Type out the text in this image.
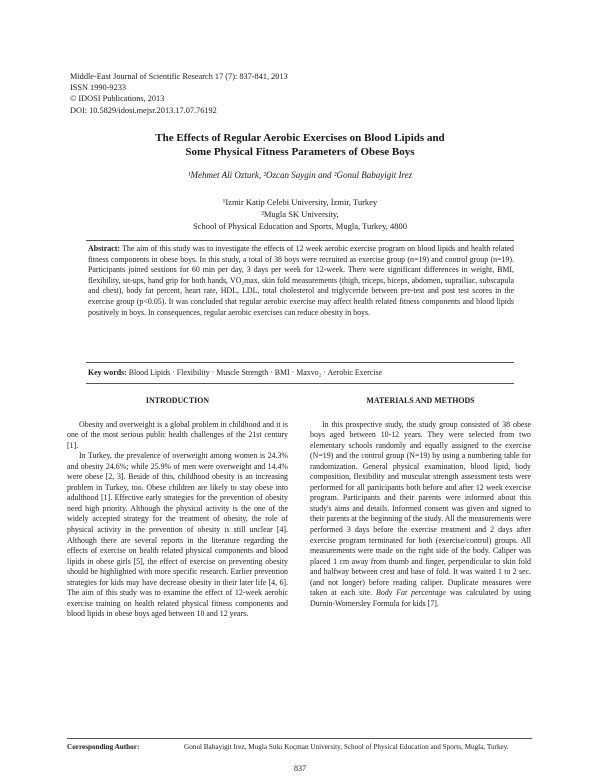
Middle-East Journal of Scientific Research 17 (7): 837-841, 2013
ISSN 1990-9233
© IDOSI Publications, 2013
DOI: 10.5829/idosi.mejsr.2013.17.07.76192
The Effects of Regular Aerobic Exercises on Blood Lipids and
Some Physical Fitness Parameters of Obese Boys
¹Mehmet Ali Ozturk, ²Ozcan Saygin and ²Gonul Babayigit Irez
¹Izmir Katip Celebi University, İzmir, Turkey
²Mugla SK University,
School of Physical Education and Sports, Mugla, Turkey, 4800
Abstract: The aim of this study was to investigate the effects of 12 week aerobic exercise program on blood lipids and health related fitness components in obese boys. In this study, a total of 38 boys were recruited as exercise group (n=19) and control group (n=19). Participants joined sessions for 60 min per day, 3 days per week for 12-week. There were significant differences in weight, BMI, flexibility, sit-ups, hand grip for both hands, VO₂max, skin fold measurements (thigh, triceps, biceps, abdomen, suprailiac, subscapula and chest), body fat percent, heart rate, HDL, LDL, total cholesterol and triglyceride between pre-test and post test scores in the exercise group (p<0.05). It was concluded that regular aerobic exercise may affect health related fitness components and blood lipids positively in boys. In consequences, regular aerobic exercises can reduce obesity in boys.
Key words: Blood Lipids · Flexibility · Muscle Strength · BMI · Maxvo₂ · Aerobic Exercise
INTRODUCTION

Obesity and overweight is a global problem in childhood and it is one of the most serious public health challenges of the 21st century [1].

In Turkey, the prevalence of overweight among women is 24.3% and obesity 24.6%; while 25.9% of men were overweight and 14.4% were obese [2, 3]. Beside of this, childhood obesity is an increasing problem in Turkey, too. Obese children are likely to stay obese into adulthood [1]. Effective early strategies for the prevention of obesity need high priority. Although the physical activity is the one of the widely accepted strategy for the treatment of obesity, the role of physical activity in the prevention of obesity is still unclear [4]. Although there are several reports in the literature regarding the effects of exercise on health related physical components and blood lipids in obese girls [5], the effect of exercise on preventing obesity should be highlighted with more specific research. Earlier prevention strategies for kids may have decrease obesity in their later life [4, 6]. The aim of this study was to examine the effect of 12-week aerobic exercise training on health related physical fitness components and blood lipids in obese boys aged between 10 and 12 years.

MATERIALS AND METHODS

In this prospective study, the study group consisted of 38 obese boys aged between 10-12 years. They were selected from two elementary schools randomly and equally assigned to the exercise (N=19) and the control group (N=19) by using a numbering table for randomization. General physical examination, blood lipid, body composition, flexibility and muscular strength assessment tests were performed for all participants both before and after 12 week exercise program. Participants and their parents were informed about this study's aims and details. Informed consent was given and signed to their parents at the beginning of the study. All the measurements were performed 3 days before the exercise treatment and 2 days after exercise program terminated for both (exercise/control) groups. All measurements were made on the right side of the body. Caliper was placed 1 cm away from thumb and finger, perpendicular to skin fold and halfway between crest and base of fold. It was waited 1 to 2 sec. (and not longer) before reading caliper. Duplicate measures were taken at each site. Body Fat percentage was calculated by using Durnin-Womersley Formula for kids [7].

Corresponding Author:	Gonul Babayigit Irez, Mugla Sıtkı Koçman University, School of Physical Education and Sports, Mugla, Turkey.
837
